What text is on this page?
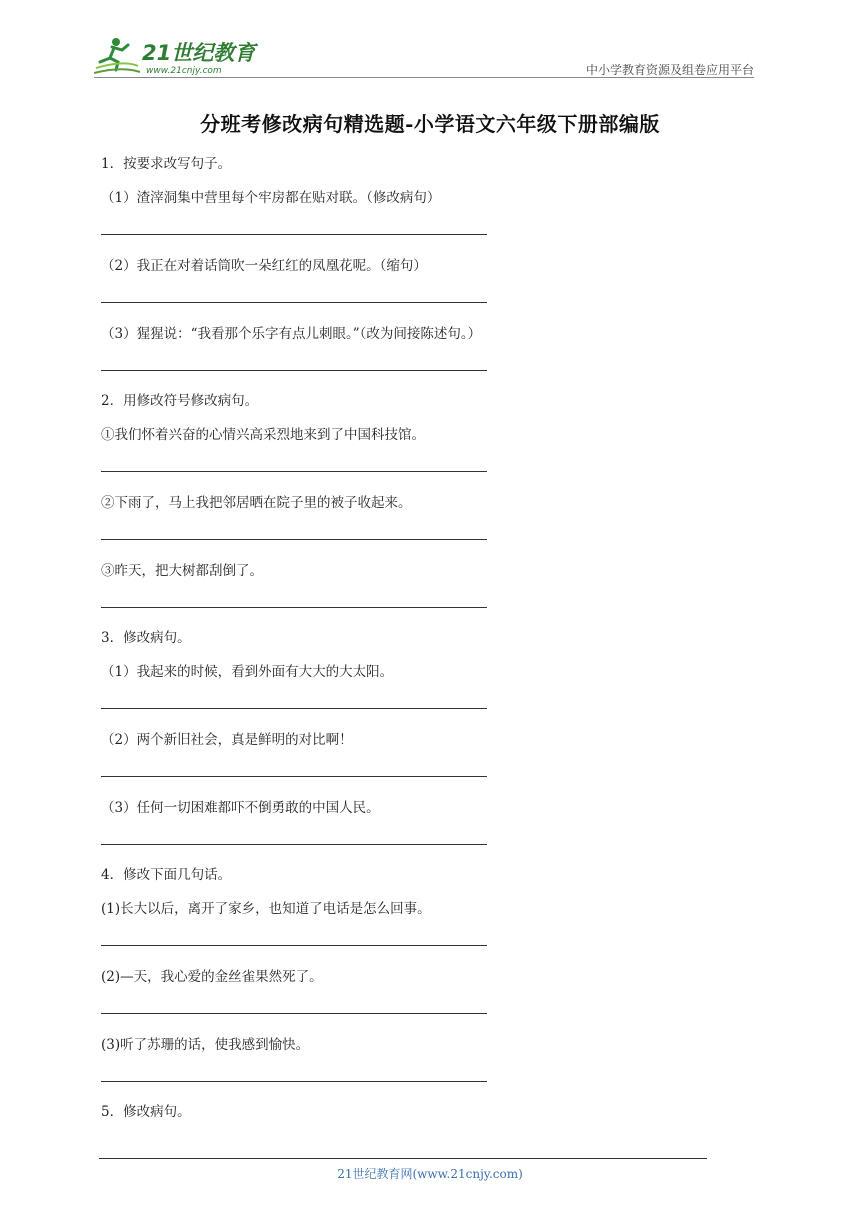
21世纪教育
www.21cnjy.com	中小学教育资源及组卷应用平台
分班考修改病句精选题-小学语文六年级下册部编版
1．按要求改写句子。
（1）渣滓洞集中营里每个牢房都在贴对联。（修改病句）
（2）我正在对着话筒吹一朵红红的凤凰花呢。（缩句）
（3）猩猩说：“我看那个乐字有点儿刺眼。”（改为间接陈述句。）
2．用修改符号修改病句。
①我们怀着兴奋的心情兴高采烈地来到了中国科技馆。
②下雨了，马上我把邻居晒在院子里的被子收起来。
③昨天，把大树都刮倒了。
3．修改病句。
（1）我起来的时候，看到外面有大大的大太阳。
（2）两个新旧社会，真是鲜明的对比啊！
（3）任何一切困难都吓不倒勇敢的中国人民。
4．修改下面几句话。
(1)长大以后，离开了家乡，也知道了电话是怎么回事。
(2)—天，我心爱的金丝雀果然死了。
(3)听了苏珊的话，使我感到愉快。
5．修改病句。
21世纪教育网(www.21cnjy.com)
